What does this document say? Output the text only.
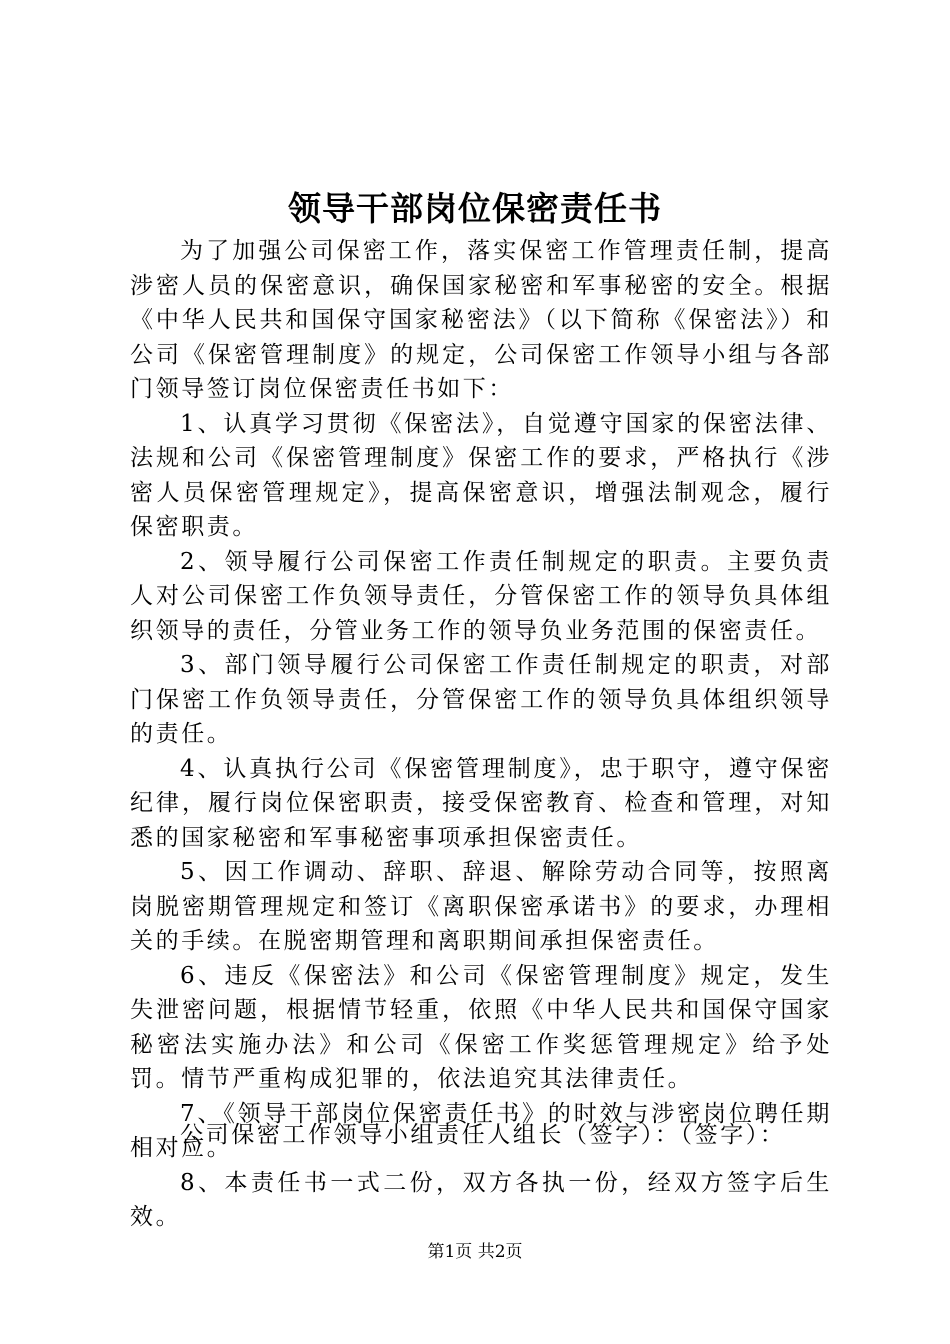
领导干部岗位保密责任书

为了加强公司保密工作，落实保密工作管理责任制，提高涉密人员的保密意识，确保国家秘密和军事秘密的安全。根据《中华人民共和国保守国家秘密法》（以下简称《保密法》）和公司《保密管理制度》的规定，公司保密工作领导小组与各部门领导签订岗位保密责任书如下：

1、认真学习贯彻《保密法》，自觉遵守国家的保密法律、法规和公司《保密管理制度》保密工作的要求，严格执行《涉密人员保密管理规定》，提高保密意识，增强法制观念，履行保密职责。

2、领导履行公司保密工作责任制规定的职责。主要负责人对公司保密工作负领导责任，分管保密工作的领导负具体组织领导的责任，分管业务工作的领导负业务范围的保密责任。

3、部门领导履行公司保密工作责任制规定的职责，对部门保密工作负领导责任，分管保密工作的领导负具体组织领导的责任。

4、认真执行公司《保密管理制度》，忠于职守，遵守保密纪律，履行岗位保密职责，接受保密教育、检查和管理，对知悉的国家秘密和军事秘密事项承担保密责任。

5、因工作调动、辞职、辞退、解除劳动合同等，按照离岗脱密期管理规定和签订《离职保密承诺书》的要求，办理相关的手续。在脱密期管理和离职期间承担保密责任。

6、违反《保密法》和公司《保密管理制度》规定，发生失泄密问题，根据情节轻重，依照《中华人民共和国保守国家秘密法实施办法》和公司《保密工作奖惩管理规定》给予处罚。情节严重构成犯罪的，依法追究其法律责任。

7、《领导干部岗位保密责任书》的时效与涉密岗位聘任期相对应。

8、本责任书一式二份，双方各执一份，经双方签字后生效。

公司保密工作领导小组责任人组长（签字）：（签字）：
第1页 共2页
